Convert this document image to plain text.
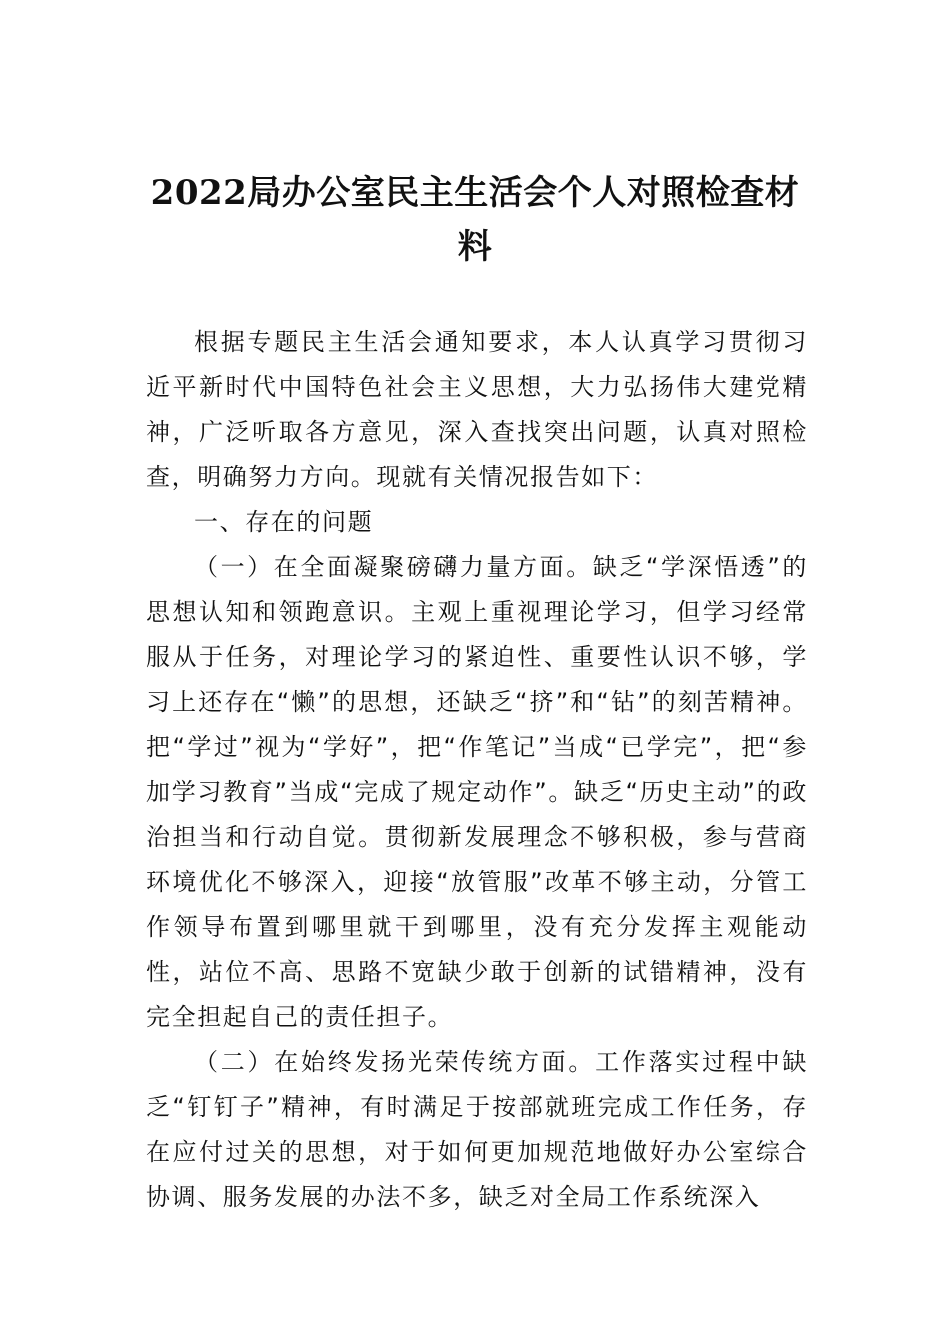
2022局办公室民主生活会个人对照检查材料

根据专题民主生活会通知要求，本人认真学习贯彻习近平新时代中国特色社会主义思想，大力弘扬伟大建党精神，广泛听取各方意见，深入查找突出问题，认真对照检查，明确努力方向。现就有关情况报告如下：

一、存在的问题

（一）在全面凝聚磅礴力量方面。缺乏“学深悟透”的思想认知和领跑意识。主观上重视理论学习，但学习经常服从于任务，对理论学习的紧迫性、重要性认识不够，学习上还存在“懒”的思想，还缺乏“挤”和“钻”的刻苦精神。把“学过”视为“学好”，把“作笔记”当成“已学完”，把“参加学习教育”当成“完成了规定动作”。缺乏“历史主动”的政治担当和行动自觉。贯彻新发展理念不够积极，参与营商环境优化不够深入，迎接“放管服”改革不够主动，分管工作领导布置到哪里就干到哪里，没有充分发挥主观能动性，站位不高、思路不宽缺少敢于创新的试错精神，没有完全担起自己的责任担子。

（二）在始终发扬光荣传统方面。工作落实过程中缺乏“钉钉子”精神，有时满足于按部就班完成工作任务，存在应付过关的思想，对于如何更加规范地做好办公室综合协调、服务发展的办法不多，缺乏对全局工作系统深入
